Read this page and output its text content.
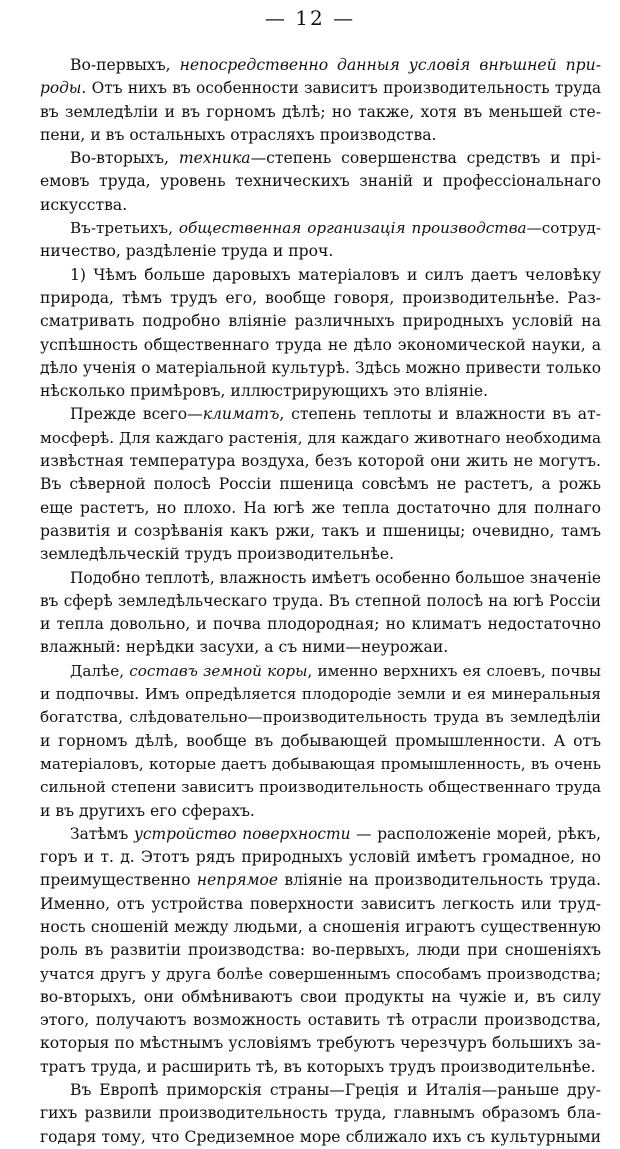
— 12 —
Во-первыхъ, непосредственно данныя условія внѣшней при-
роды. Отъ нихъ въ особенности зависитъ производительность труда
въ земледѣліи и въ горномъ дѣлѣ; но также, хотя въ меньшей сте-
пени, и въ остальныхъ отрасляхъ производства.
Во-вторыхъ, техника—степень совершенства средствъ и прі-
емовъ труда, уровень техническихъ знаній и профессіональнаго
искусства.
Въ-третьихъ, общественная организація производства—сотруд-
ничество, раздѣленіе труда и проч.
1) Чѣмъ больше даровыхъ матеріаловъ и силъ даетъ человѣку
природа, тѣмъ трудъ его, вообще говоря, производительнѣе. Раз-
сматривать подробно вліяніе различныхъ природныхъ условій на
успѣшность общественнаго труда не дѣло экономической науки, а
дѣло ученія о матеріальной культурѣ. Здѣсь можно привести только
нѣсколько примѣровъ, иллюстрирующихъ это вліяніе.
Прежде всего—климатъ, степень теплоты и влажности въ ат-
мосферѣ. Для каждаго растенія, для каждаго животнаго необходима
извѣстная температура воздуха, безъ которой они жить не могутъ.
Въ сѣверной полосѣ Россіи пшеница совсѣмъ не растетъ, а рожь
еще растетъ, но плохо. На югѣ же тепла достаточно для полнаго
развитія и созрѣванія какъ ржи, такъ и пшеницы; очевидно, тамъ
земледѣльческій трудъ производительнѣе.
Подобно теплотѣ, влажность имѣетъ особенно большое значеніе
въ сферѣ земледѣльческаго труда. Въ степной полосѣ на югѣ Россіи
и тепла довольно, и почва плодородная; но климатъ недостаточно
влажный: нерѣдки засухи, а съ ними—неурожаи.
Далѣе, составъ земной коры, именно верхнихъ ея слоевъ, почвы
и подпочвы. Имъ опредѣляется плодородіе земли и ея минеральныя
богатства, слѣдовательно—производительность труда въ земледѣліи
и горномъ дѣлѣ, вообще въ добывающей промышленности. А отъ
матеріаловъ, которые даетъ добывающая промышленность, въ очень
сильной степени зависитъ производительность общественнаго труда
и въ другихъ его сферахъ.
Затѣмъ устройство поверхности — расположеніе морей, рѣкъ,
горъ и т. д. Этотъ рядъ природныхъ условій имѣетъ громадное, но
преимущественно непрямое вліяніе на производительность труда.
Именно, отъ устройства поверхности зависитъ легкость или труд-
ность сношеній между людьми, а сношенія играютъ существенную
роль въ развитіи производства: во-первыхъ, люди при сношеніяхъ
учатся другъ у друга болѣе совершеннымъ способамъ производства;
во-вторыхъ, они обмѣниваютъ свои продукты на чужіе и, въ силу
этого, получаютъ возможность оставить тѣ отрасли производства,
которыя по мѣстнымъ условіямъ требуютъ черезчуръ большихъ за-
тратъ труда, и расширить тѣ, въ которыхъ трудъ производительнѣе.
Въ Европѣ приморскія страны—Греція и Италія—раньше дру-
гихъ развили производительность труда, главнымъ образомъ бла-
годаря тому, что Средиземное море сближало ихъ съ культурными
